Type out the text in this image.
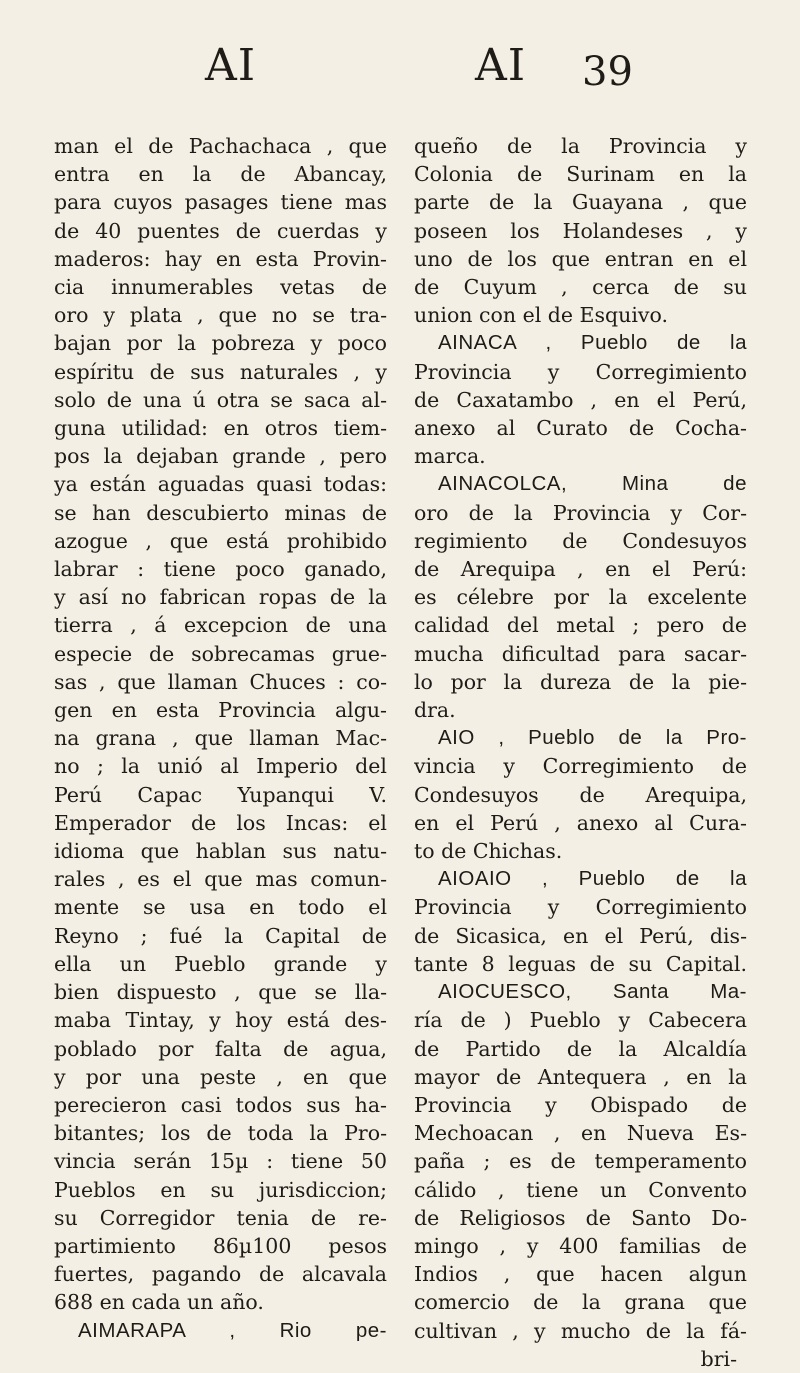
AI	AI 39
man el de Pachachaca , que
entra en la de Abancay,
para cuyos pasages tiene mas
de 40 puentes de cuerdas y
maderos: hay en esta Provin-
cia innumerables vetas de
oro y plata , que no se tra-
bajan por la pobreza y poco
espíritu de sus naturales , y
solo de una ú otra se saca al-
guna utilidad: en otros tiem-
pos la dejaban grande , pero
ya están aguadas quasi todas:
se han descubierto minas de
azogue , que está prohibido
labrar : tiene poco ganado,
y así no fabrican ropas de la
tierra , á excepcion de una
especie de sobrecamas grue-
sas , que llaman Chuces : co-
gen en esta Provincia algu-
na grana , que llaman Mac-
no ; la unió al Imperio del
Perú Capac Yupanqui V.
Emperador de los Incas: el
idioma que hablan sus natu-
rales , es el que mas comun-
mente se usa en todo el
Reyno ; fué la Capital de
ella un Pueblo grande y
bien dispuesto , que se lla-
maba Tintay, y hoy está des-
poblado por falta de agua,
y por una peste , en que
perecieron casi todos sus ha-
bitantes; los de toda la Pro-
vincia serán 15µ : tiene 50
Pueblos en su jurisdiccion;
su Corregidor tenia de re-
partimiento 86µ100 pesos
fuertes, pagando de alcavala
688 en cada un año.
AIMARAPA , Rio pe-
queño de la Provincia y
Colonia de Surinam en la
parte de la Guayana , que
poseen los Holandeses , y
uno de los que entran en el
de Cuyum , cerca de su
union con el de Esquivo.
AINACA , Pueblo de la
Provincia y Corregimiento
de Caxatambo , en el Perú,
anexo al Curato de Cocha-
marca.
AINACOLCA, Mina de
oro de la Provincia y Cor-
regimiento de Condesuyos
de Arequipa , en el Perú:
es célebre por la excelente
calidad del metal ; pero de
mucha dificultad para sacar-
lo por la dureza de la pie-
dra.
AIO , Pueblo de la Pro-
vincia y Corregimiento de
Condesuyos de Arequipa,
en el Perú , anexo al Cura-
to de Chichas.
AIOAIO , Pueblo de la
Provincia y Corregimiento
de Sicasica, en el Perú, dis-
tante 8 leguas de su Capital.
AIOCUESCO, Santa Ma-
ría de ) Pueblo y Cabecera
de Partido de la Alcaldía
mayor de Antequera , en la
Provincia y Obispado de
Mechoacan , en Nueva Es-
paña ; es de temperamento
cálido , tiene un Convento
de Religiosos de Santo Do-
mingo , y 400 familias de
Indios , que hacen algun
comercio de la grana que
cultivan , y mucho de la fá-
bri-
